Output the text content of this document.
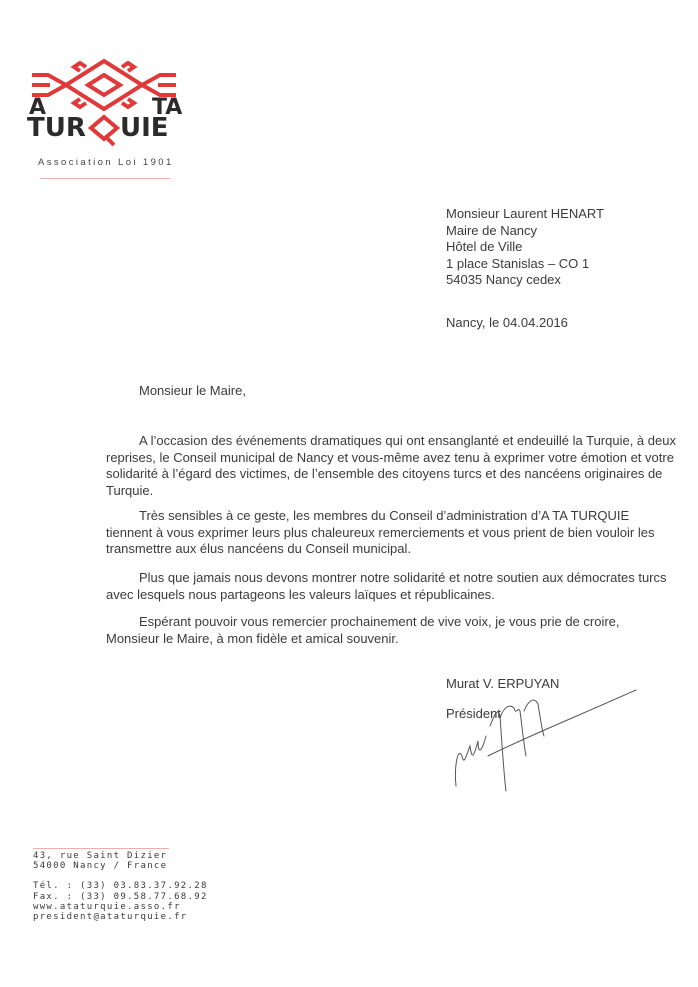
A	TA
TUR UIE
Association Loi 1901
Monsieur Laurent HENART
Maire de Nancy
Hôtel de Ville
1 place Stanislas – CO 1
54035 Nancy cedex
Nancy, le 04.04.2016
Monsieur le Maire,

A l’occasion des événements dramatiques qui ont ensanglanté et endeuillé la Turquie, à deux reprises, le Conseil municipal de Nancy et vous-même avez tenu à exprimer votre émotion et votre solidarité à l’égard des victimes, de l’ensemble des citoyens turcs et des nancéens originaires de Turquie.

Très sensibles à ce geste, les membres du Conseil d’administration d’A TA TURQUIE tiennent à vous exprimer leurs plus chaleureux remerciements et vous prient de bien vouloir les transmettre aux élus nancéens du Conseil municipal.

Plus que jamais nous devons montrer notre solidarité et notre soutien aux démocrates turcs avec lesquels nous partageons les valeurs laïques et républicaines.

Espérant pouvoir vous remercier prochainement de vive voix, je vous prie de croire, Monsieur le Maire, à mon fidèle et amical souvenir.

Murat V. ERPUYAN
Président
43, rue Saint Dizier
54000 Nancy / France
Tél. : (33) 03.83.37.92.28
Fax. : (33) 09.58.77.68.92
www.ataturquie.asso.fr
president@ataturquie.fr
